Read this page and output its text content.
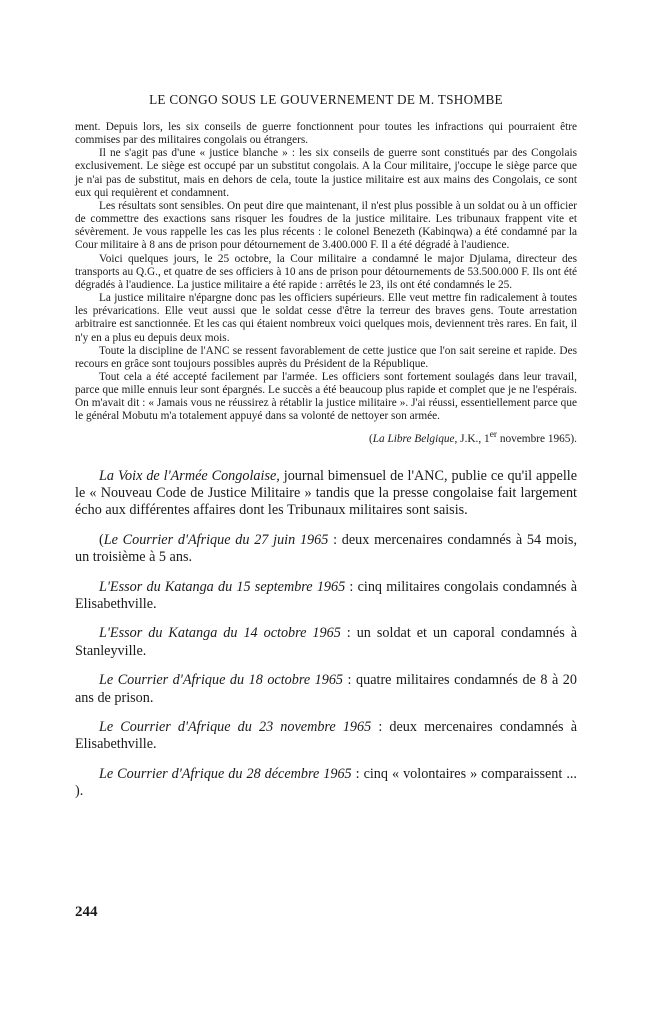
LE CONGO SOUS LE GOUVERNEMENT DE M. TSHOMBE

ment. Depuis lors, les six conseils de guerre fonctionnent pour toutes les infractions qui pourraient être commises par des militaires congolais ou étrangers.

Il ne s'agit pas d'une « justice blanche » : les six conseils de guerre sont constitués par des Congolais exclusivement. Le siège est occupé par un substitut congolais. A la Cour militaire, j'occupe le siège parce que je n'ai pas de substitut, mais en dehors de cela, toute la justice militaire est aux mains des Congolais, ce sont eux qui requièrent et condamnent.

Les résultats sont sensibles. On peut dire que maintenant, il n'est plus possible à un soldat ou à un officier de commettre des exactions sans risquer les foudres de la justice militaire. Les tribunaux frappent vite et sévèrement. Je vous rappelle les cas les plus récents : le colonel Benezeth (Kabinqwa) a été condamné par la Cour militaire à 8 ans de prison pour détournement de 3.400.000 F. Il a été dégradé à l'audience.

Voici quelques jours, le 25 octobre, la Cour militaire a condamné le major Djulama, directeur des transports au Q.G., et quatre de ses officiers à 10 ans de prison pour détournements de 53.500.000 F. Ils ont été dégradés à l'audience. La justice militaire a été rapide : arrêtés le 23, ils ont été condamnés le 25.

La justice militaire n'épargne donc pas les officiers supérieurs. Elle veut mettre fin radicalement à toutes les prévarications. Elle veut aussi que le soldat cesse d'être la terreur des braves gens. Toute arrestation arbitraire est sanctionnée. Et les cas qui étaient nombreux voici quelques mois, deviennent très rares. En fait, il n'y en a plus eu depuis deux mois.

Toute la discipline de l'ANC se ressent favorablement de cette justice que l'on sait sereine et rapide. Des recours en grâce sont toujours possibles auprès du Président de la République.

Tout cela a été accepté facilement par l'armée. Les officiers sont fortement soulagés dans leur travail, parce que mille ennuis leur sont épargnés. Le succès a été beaucoup plus rapide et complet que je ne l'espérais. On m'avait dit : « Jamais vous ne réussirez à rétablir la justice militaire ». J'ai réussi, essentiellement parce que le général Mobutu m'a totalement appuyé dans sa volonté de nettoyer son armée.

(La Libre Belgique, J.K., 1er novembre 1965).

La Voix de l'Armée Congolaise, journal bimensuel de l'ANC, publie ce qu'il appelle le « Nouveau Code de Justice Militaire » tandis que la presse congolaise fait largement écho aux différentes affaires dont les Tribunaux militaires sont saisis.

(Le Courrier d'Afrique du 27 juin 1965 : deux mercenaires condamnés à 54 mois, un troisième à 5 ans.

L'Essor du Katanga du 15 septembre 1965 : cinq militaires congolais condamnés à Elisabethville.

L'Essor du Katanga du 14 octobre 1965 : un soldat et un caporal condamnés à Stanleyville.

Le Courrier d'Afrique du 18 octobre 1965 : quatre militaires condamnés de 8 à 20 ans de prison.

Le Courrier d'Afrique du 23 novembre 1965 : deux mercenaires condamnés à Elisabethville.

Le Courrier d'Afrique du 28 décembre 1965 : cinq « volontaires » comparaissent ... ).

244
